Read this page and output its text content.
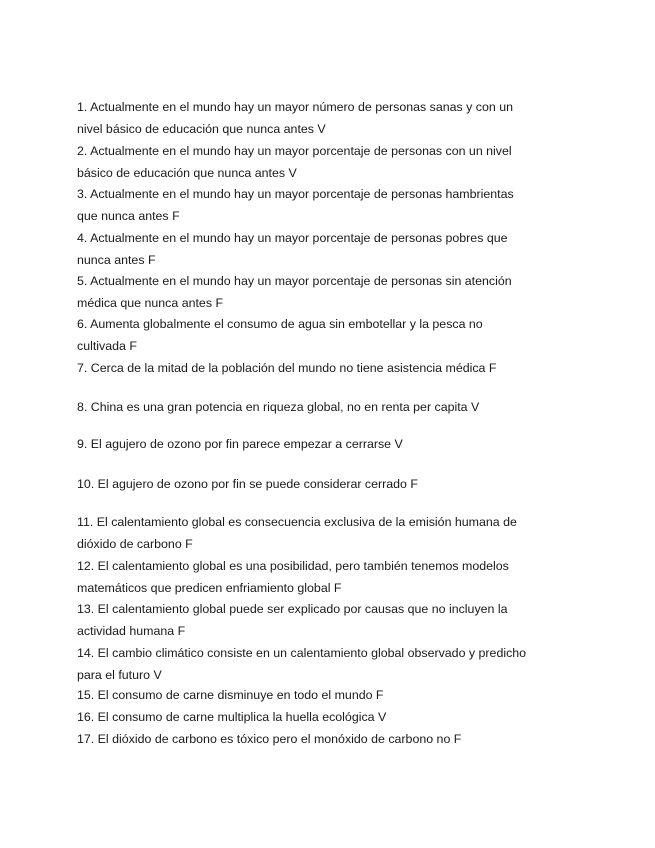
1. Actualmente en el mundo hay un mayor número de personas sanas y con un
nivel básico de educación que nunca antes V
2. Actualmente en el mundo hay un mayor porcentaje de personas con un nivel
básico de educación que nunca antes V
3. Actualmente en el mundo hay un mayor porcentaje de personas hambrientas
que nunca antes F
4. Actualmente en el mundo hay un mayor porcentaje de personas pobres que
nunca antes F
5. Actualmente en el mundo hay un mayor porcentaje de personas sin atención
médica que nunca antes F
6. Aumenta globalmente el consumo de agua sin embotellar y la pesca no
cultivada F
7. Cerca de la mitad de la población del mundo no tiene asistencia médica F
8. China es una gran potencia en riqueza global, no en renta per capita V
9. El agujero de ozono por fin parece empezar a cerrarse V
10. El agujero de ozono por fin se puede considerar cerrado F
11. El calentamiento global es consecuencia exclusiva de la emisión humana de
dióxido de carbono F
12. El calentamiento global es una posibilidad, pero también tenemos modelos
matemáticos que predicen enfriamiento global F
13. El calentamiento global puede ser explicado por causas que no incluyen la
actividad humana F
14. El cambio climático consiste en un calentamiento global observado y predicho
para el futuro V
15. El consumo de carne disminuye en todo el mundo F
16. El consumo de carne multiplica la huella ecológica V
17. El dióxido de carbono es tóxico pero el monóxido de carbono no F
